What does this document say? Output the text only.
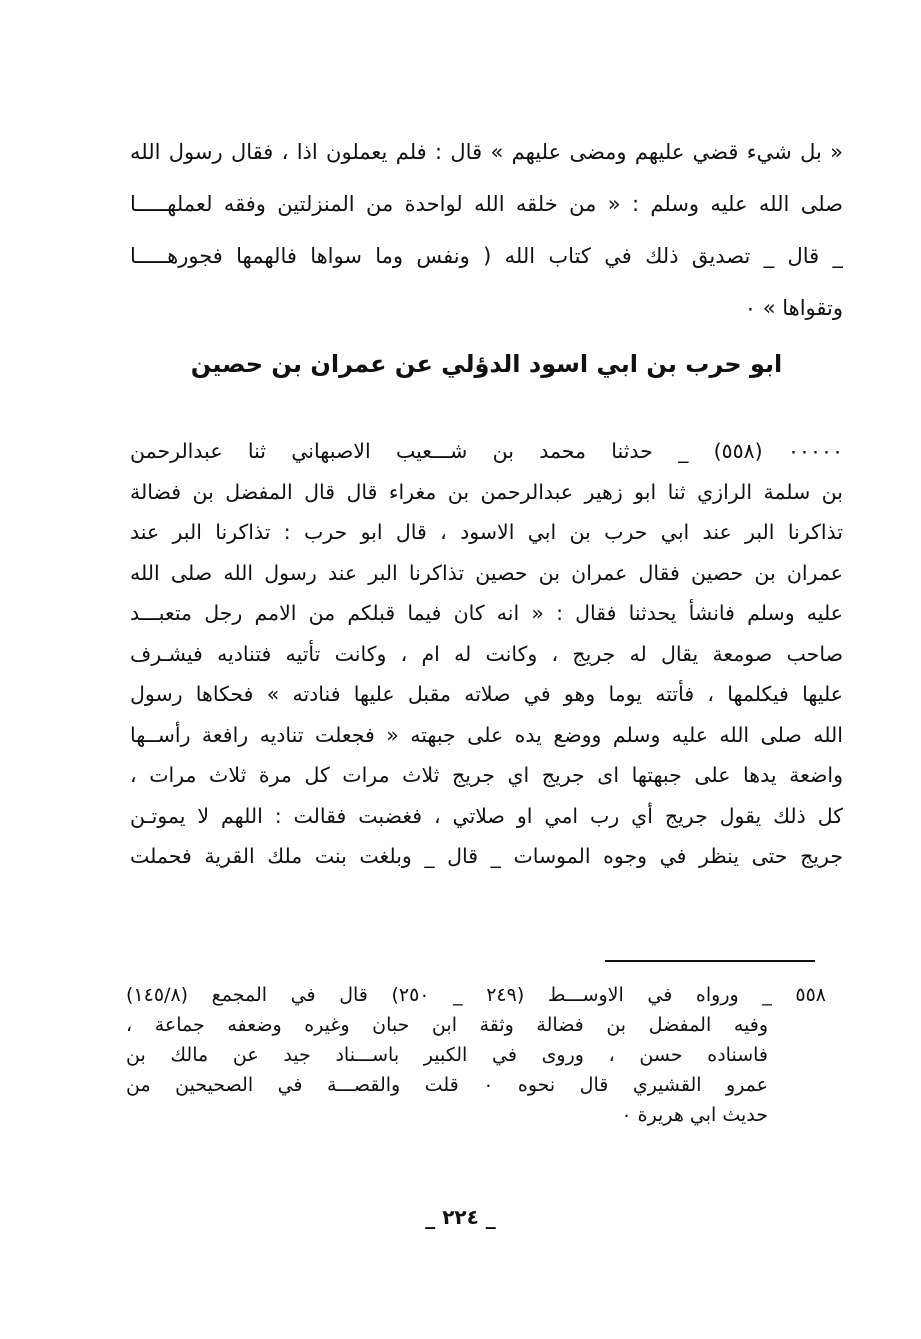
« بل شيء قضي عليهم ومضى عليهم » قال : فلم يعملون اذا ، فقال رسول الله
صلى الله عليه وسلم : « من خلقه الله لواحدة من المنزلتين وفقه لعملهـــــا
_ قال _ تصديق ذلك في كتاب الله ( ونفس وما سواها فالهمها فجورهـــــا
وتقواها » ٠
ابو حرب بن ابي اسود الدؤلي عن عمران بن حصين
٠٠٠٠٠ (٥٥٨) _ حدثنا محمد بن شـــعيب الاصبهاني ثنا عبدالرحمن
بن سلمة الرازي ثنا ابو زهير عبدالرحمن بن مغراء قال قال المفضل بن فضالة
تذاكرنا البر عند ابي حرب بن ابي الاسود ، قال ابو حرب : تذاكرنا البر عند
عمران بن حصين فقال عمران بن حصين تذاكرنا البر عند رسول الله صلى الله
عليه وسلم فانشأ يحدثنا فقال : « انه كان فيما قبلكم من الامم رجل متعبـــد
صاحب صومعة يقال له جريج ، وكانت له ام ، وكانت تأتيه فتناديه فيشـرف
عليها فيكلمها ، فأتته يوما وهو في صلاته مقبل عليها فنادته » فحكاها رسول
الله صلى الله عليه وسلم ووضع يده على جبهته « فجعلت تناديه رافعة رأســها
واضعة يدها على جبهتها اى جريج اي جريج ثلاث مرات كل مرة ثلاث مرات ،
كل ذلك يقول جريج أي رب امي او صلاتي ، فغضبت فقالت : اللهم لا يموتـن
جريج حتى ينظر في وجوه الموسات _ قال _ وبلغت بنت ملك القرية فحملت
٥٥٨ _ ورواه في الاوســـط (٢٤٩ _ ٢٥٠) قال في المجمع (١٤٥/٨)
وفيه المفضل بن فضالة وثقة ابن حبان وغيره وضعفه جماعة ،
فاسناده حسن ، وروى في الكبير باســـناد جيد عن مالك بن
عمرو القشيري قال نحوه ٠ قلت والقصـــة في الصحيحين من
حديث ابي هريرة ٠
_ ٢٢٤ _
